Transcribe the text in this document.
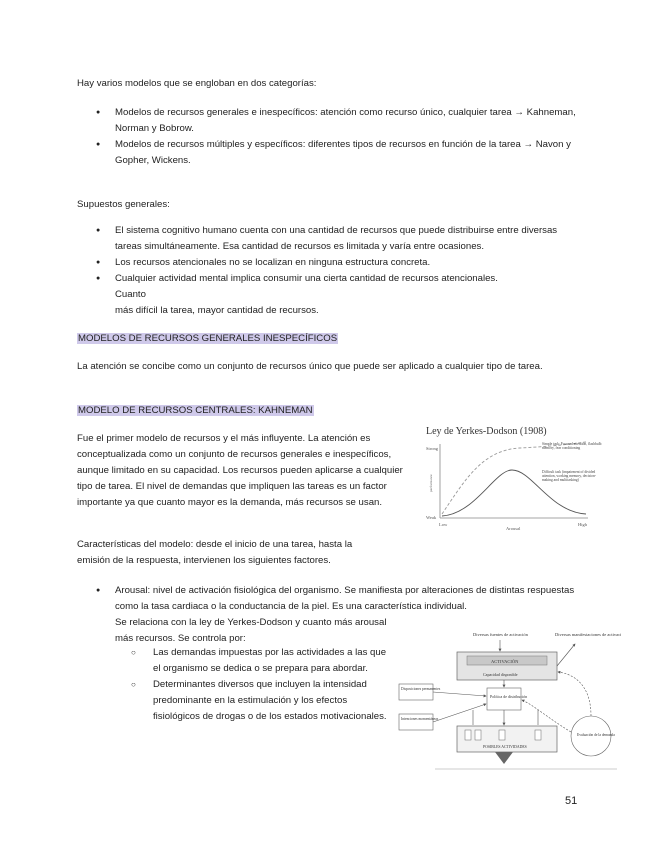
Hay varios modelos que se engloban en dos categorías:

● Modelos de recursos generales e inespecíficos: atención como recurso único, cualquier tarea → Kahneman, Norman y Bobrow.
● Modelos de recursos múltiples y específicos: diferentes tipos de recursos en función de la tarea → Navon y Gopher, Wickens.

Supuestos generales:

● El sistema cognitivo humano cuenta con una cantidad de recursos que puede distribuirse entre diversas tareas simultáneamente. Esa cantidad de recursos es limitada y varía entre ocasiones.
● Los recursos atencionales no se localizan en ninguna estructura concreta.
● Cualquier actividad mental implica consumir una cierta cantidad de recursos atencionales.

Cuanto

más difícil la tarea, mayor cantidad de recursos.

MODELOS DE RECURSOS GENERALES INESPECÍFICOS

La atención se concibe como un conjunto de recursos único que puede ser aplicado a cualquier tipo de tarea.

MODELO DE RECURSOS CENTRALES: KAHNEMAN

Fue el primer modelo de recursos y el más influyente. La atención es conceptualizada como un conjunto de recursos generales e inespecíficos, aunque limitado en su capacidad. Los recursos pueden aplicarse a cualquier tipo de tarea. El nivel de demandas que impliquen las tareas es un factor importante ya que cuanto mayor es la demanda, más recursos se usan.

Ley de Yerkes-Dodson (1908)
Strong
Weak
performance
Low	High
Arousal
Simple task: Focused attention, flashbulb memory, fear conditioning
Difficult task (impairment of divided attention, working memory, decision-making and multitasking)

Características del modelo: desde el inicio de una tarea, hasta la emisión de la respuesta, intervienen los siguientes factores.

● Arousal: nivel de activación fisiológica del organismo. Se manifiesta por alteraciones de distintas respuestas como la tasa cardiaca o la conductancia de la piel. Es una característica individual.

Se relaciona con la ley de Yerkes-Dodson y cuanto más arousal más recursos. Se controla por:

○ Las demandas impuestas por las actividades a las que el organismo se dedica o se prepara para abordar.
○ Determinantes diversos que incluyen la intensidad predominante en la estimulación y los efectos fisiológicos de drogas o de los estados motivacionales.
Diversas fuentes de activación	Diversas manifestaciones de activación
ACTIVACIÓN
Capacidad disponible
Disposiciones permanentes
Intenciones momentáneas
Política de distribución
Evaluación de la demanda
POSIBLES ACTIVIDADES

51
